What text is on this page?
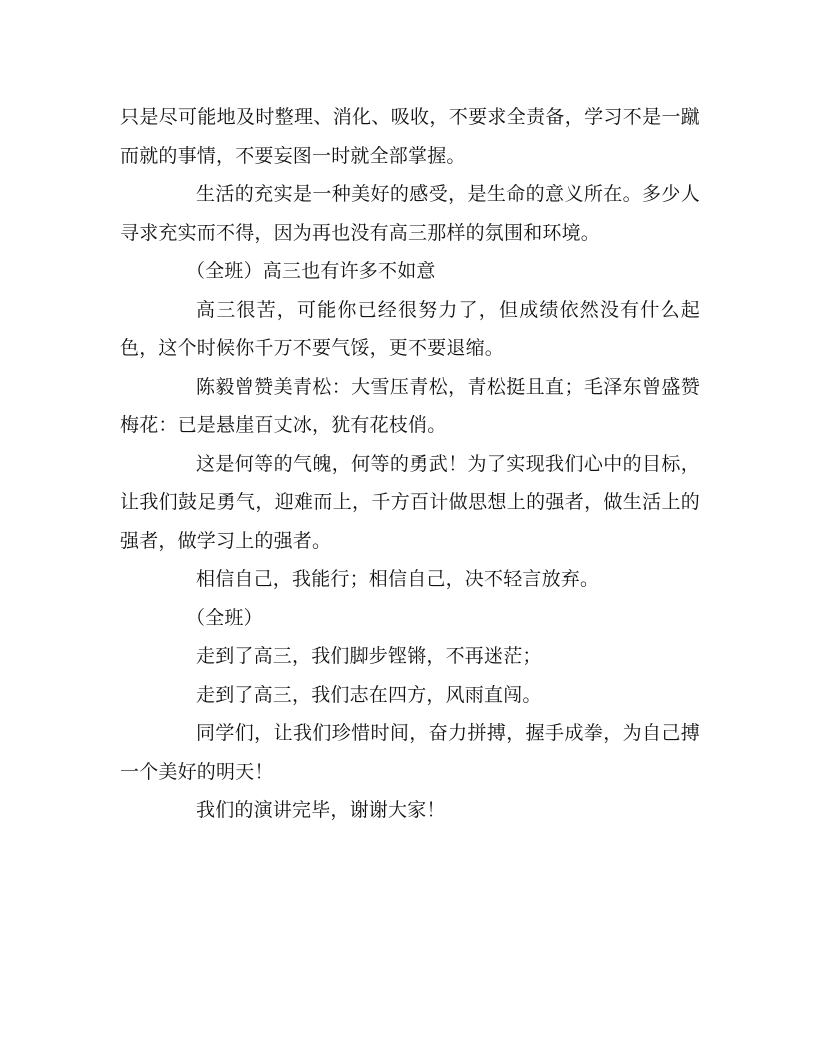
只是尽可能地及时整理、消化、吸收，不要求全责备，学习不是一蹴而就的事情，不要妄图一时就全部掌握。

生活的充实是一种美好的感受，是生命的意义所在。多少人寻求充实而不得，因为再也没有高三那样的氛围和环境。

（全班）高三也有许多不如意

高三很苦，可能你已经很努力了，但成绩依然没有什么起色，这个时候你千万不要气馁，更不要退缩。

陈毅曾赞美青松：大雪压青松，青松挺且直；毛泽东曾盛赞梅花：已是悬崖百丈冰，犹有花枝俏。

这是何等的气魄，何等的勇武！为了实现我们心中的目标，让我们鼓足勇气，迎难而上，千方百计做思想上的强者，做生活上的强者，做学习上的强者。

相信自己，我能行；相信自己，决不轻言放弃。

（全班）

走到了高三，我们脚步铿锵，不再迷茫；

走到了高三，我们志在四方，风雨直闯。

同学们，让我们珍惜时间，奋力拼搏，握手成拳，为自己搏一个美好的明天！

我们的演讲完毕，谢谢大家！
